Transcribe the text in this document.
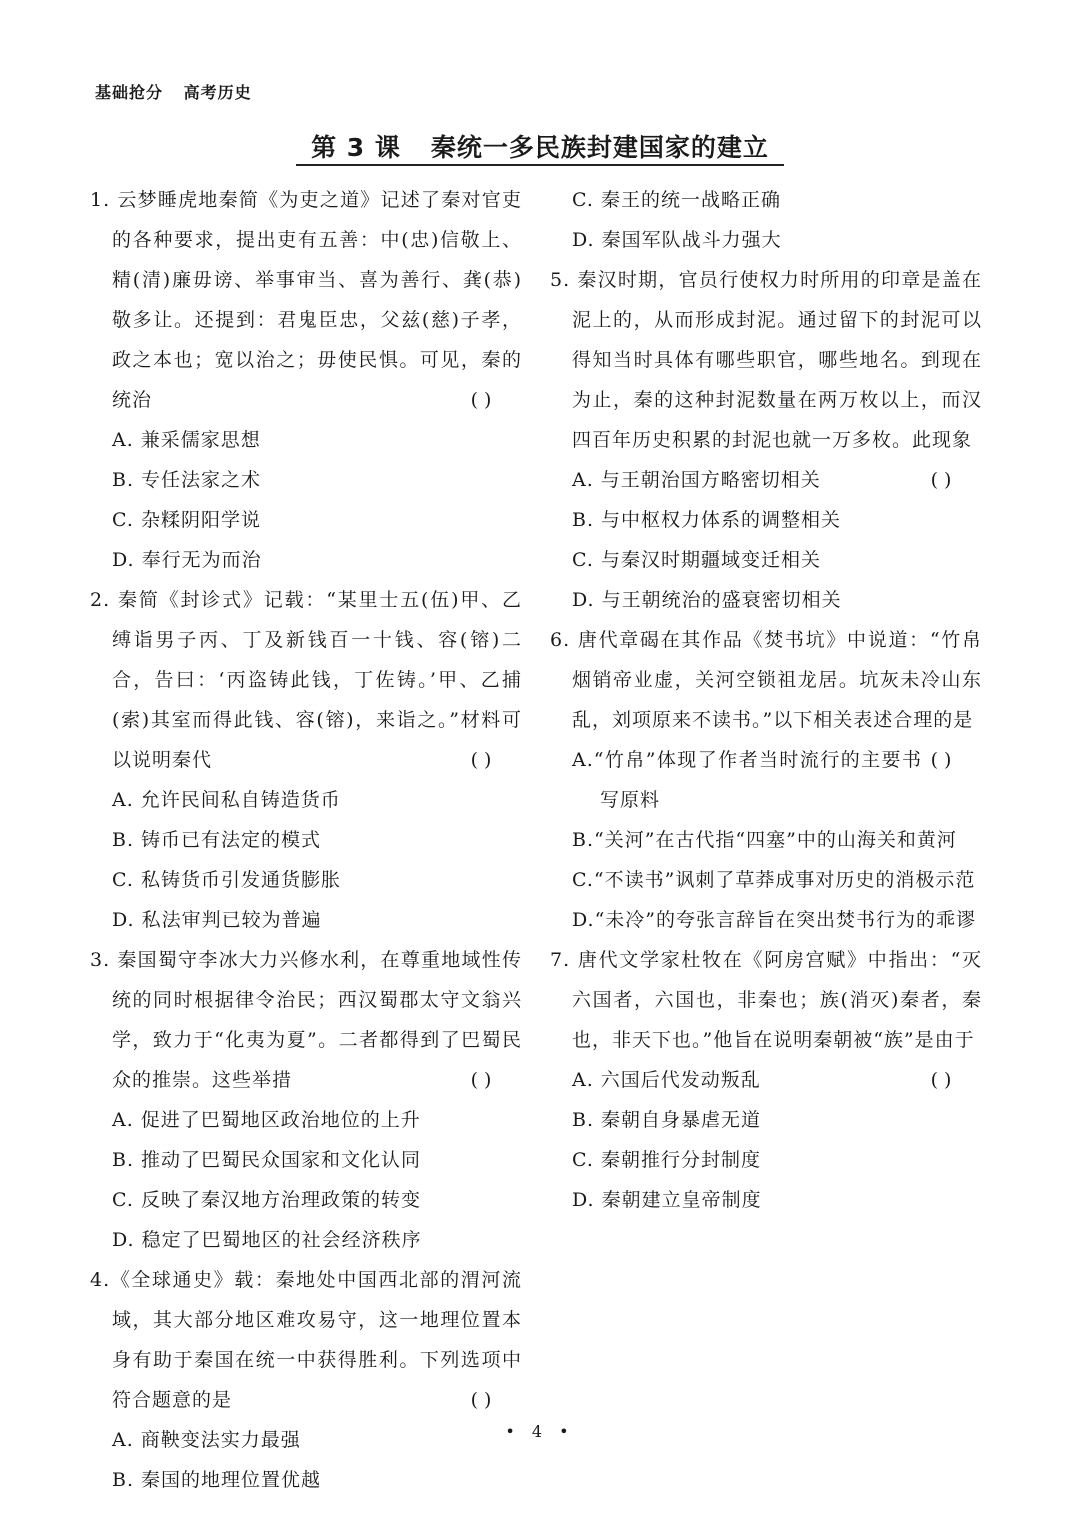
基础抢分 高考历史
第 3 课 秦统一多民族封建国家的建立
1. 云梦睡虎地秦简《为吏之道》记述了秦对官吏的各种要求，提出吏有五善：中(忠)信敬上、精(清)廉毋谤、举事审当、喜为善行、龚(恭)敬多让。还提到：君鬼臣忠，父兹(慈)子孝，政之本也；宽以治之；毋使民惧。可见，秦的统治	( )
A. 兼采儒家思想
B. 专任法家之术
C. 杂糅阴阳学说
D. 奉行无为而治
2. 秦简《封诊式》记载：“某里士五(伍)甲、乙缚诣男子丙、丁及新钱百一十钱、容(镕)二合，告曰：‘丙盗铸此钱，丁佐铸。’甲、乙捕(索)其室而得此钱、容(镕)，来诣之。”材料可以说明秦代	( )
A. 允许民间私自铸造货币
B. 铸币已有法定的模式
C. 私铸货币引发通货膨胀
D. 私法审判已较为普遍
3. 秦国蜀守李冰大力兴修水利，在尊重地域性传统的同时根据律令治民；西汉蜀郡太守文翁兴学，致力于“化夷为夏”。二者都得到了巴蜀民众的推崇。这些举措	( )
A. 促进了巴蜀地区政治地位的上升
B. 推动了巴蜀民众国家和文化认同
C. 反映了秦汉地方治理政策的转变
D. 稳定了巴蜀地区的社会经济秩序
4.《全球通史》载：秦地处中国西北部的渭河流域，其大部分地区难攻易守，这一地理位置本身有助于秦国在统一中获得胜利。下列选项中符合题意的是	( )
A. 商鞅变法实力最强
B. 秦国的地理位置优越
C. 秦王的统一战略正确
D. 秦国军队战斗力强大
5. 秦汉时期，官员行使权力时所用的印章是盖在泥上的，从而形成封泥。通过留下的封泥可以得知当时具体有哪些职官，哪些地名。到现在为止，秦的这种封泥数量在两万枚以上，而汉四百年历史积累的封泥也就一万多枚。此现象
( )
A. 与王朝治国方略密切相关
B. 与中枢权力体系的调整相关
C. 与秦汉时期疆域变迁相关
D. 与王朝统治的盛衰密切相关
6. 唐代章碣在其作品《焚书坑》中说道：“竹帛烟销帝业虚，关河空锁祖龙居。坑灰未冷山东乱，刘项原来不读书。”以下相关表述合理的是
( )
A.“竹帛”体现了作者当时流行的主要书写原料
B.“关河”在古代指“四塞”中的山海关和黄河
C.“不读书”讽刺了草莽成事对历史的消极示范
D.“未冷”的夸张言辞旨在突出焚书行为的乖谬
7. 唐代文学家杜牧在《阿房宫赋》中指出：“灭六国者，六国也，非秦也；族(消灭)秦者，秦也，非天下也。”他旨在说明秦朝被“族”是由于
( )
A. 六国后代发动叛乱
B. 秦朝自身暴虐无道
C. 秦朝推行分封制度
D. 秦朝建立皇帝制度
• 4 •
